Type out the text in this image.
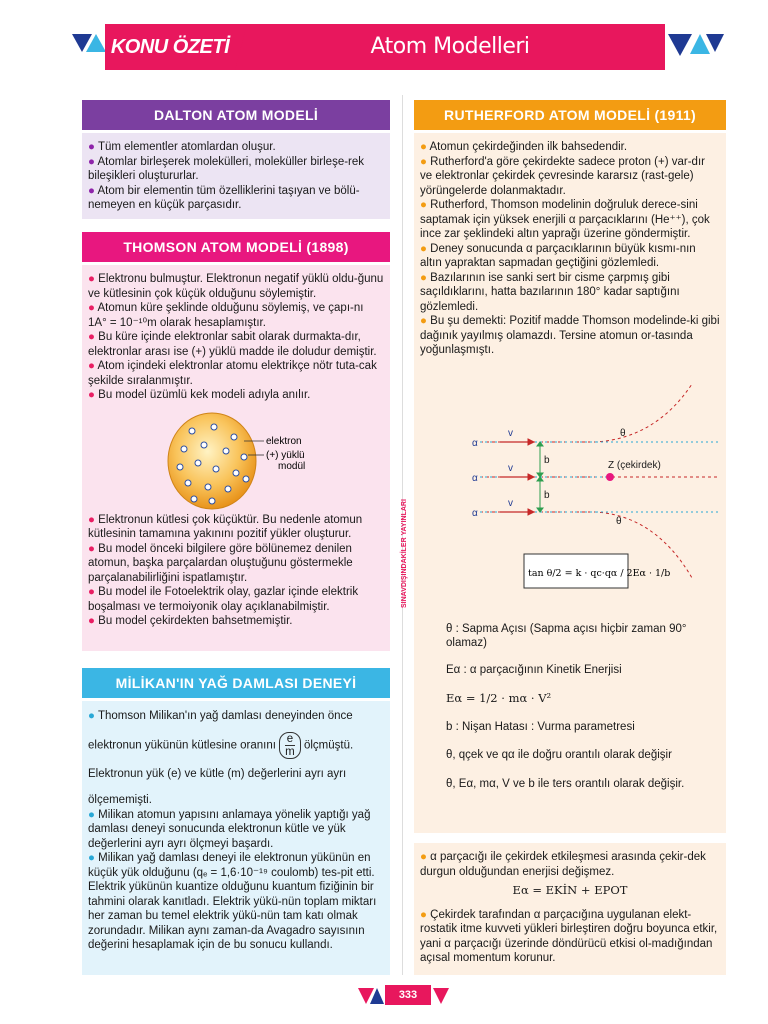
KONU ÖZETİ	Atom Modelleri
DALTON ATOM MODELİ

● Tüm elementler atomlardan oluşur.

● Atomlar birleşerek molekülleri, moleküller birleşe-rek bileşikleri oluştururlar.

● Atom bir elementin tüm özelliklerini taşıyan ve bölü-nemeyen en küçük parçasıdır.

THOMSON ATOM MODELİ (1898)

● Elektronu bulmuştur. Elektronun negatif yüklü oldu-ğunu ve kütlesinin çok küçük olduğunu söylemiştir.

● Atomun küre şeklinde olduğunu söylemiş, ve çapı-nı 1A° = 10⁻¹⁰m olarak hesaplamıştır.

● Bu küre içinde elektronlar sabit olarak durmakta-dır, elektronlar arası ise (+) yüklü madde ile doludur demiştir.

● Atom içindeki elektronlar atomu elektrikçe nötr tuta-cak şekilde sıralanmıştır.

● Bu model üzümlü kek modeli adıyla anılır.

elektron
(+) yüklü
modül

● Elektronun kütlesi çok küçüktür. Bu nedenle atomun kütlesinin tamamına yakınını pozitif yükler oluşturur.

● Bu model önceki bilgilere göre bölünemez denilen atomun, başka parçalardan oluştuğunu göstermekle parçalanabilirliğini ispatlamıştır.

● Bu model ile Fotoelektrik olay, gazlar içinde elektrik boşalması ve termoiyonik olay açıklanabilmiştir.

● Bu model çekirdekten bahsetmemiştir.

MİLİKAN'IN YAĞ DAMLASI DENEYİ

● Thomson Milikan'ın yağ damlası deneyinden önce

elektronun yükünün kütlesine oranını $\frac{e}{m}$ ölçmüştü.

Elektronun yük (e) ve kütle (m) değerlerini ayrı ayrı

ölçememişti.

● Milikan atomun yapısını anlamaya yönelik yaptığı yağ damlası deneyi sonucunda elektronun kütle ve yük değerlerini ayrı ayrı ölçmeyi başardı.

● Milikan yağ damlası deneyi ile elektronun yükünün en küçük yük olduğunu (qₑ = 1,6·10⁻¹⁹ coulomb) tes-pit etti. Elektrik yükünün kuantize olduğunu kuantum fiziğinin bir tahmini olarak kanıtladı. Elektrik yükü-nün toplam miktarı her zaman bu temel elektrik yükü-nün tam katı olmak zorundadır. Milikan aynı zaman-da Avagadro sayısının değerini hesaplamak için de bu sonucu kullandı.

SINAVDIŞINDAKİLER YAYINLARI
RUTHERFORD ATOM MODELİ (1911)

● Atomun çekirdeğinden ilk bahsedendir.

● Rutherford'a göre çekirdekte sadece proton (+) var-dır ve elektronlar çekirdek çevresinde kararsız (rast-gele) yörüngelerde dolanmaktadır.

● Rutherford, Thomson modelinin doğruluk derece-sini saptamak için yüksek enerjili α parçacıklarını (He⁺⁺), çok ince zar şeklindeki altın yaprağı üzerine göndermiştir.

● Deney sonucunda α parçacıklarının büyük kısmı-nın altın yapraktan sapmadan geçtiğini gözlemledi.

● Bazılarının ise sanki sert bir cisme çarpmış gibi saçıldıklarını, hatta bazılarının 180° kadar saptığını gözlemledi.

● Bu şu demekti: Pozitif madde Thomson modelinde-ki gibi dağınık yayılmış olamazdı. Tersine atomun or-tasında yoğunlaşmıştı.

α
α
α
v
v
v
b
b
θ
θ
Z (çekirdek)
tan θ/2 = k · qc·qα / 2Eα · 1/b

θ : Sapma Açısı (Sapma açısı hiçbir zaman 90° olamaz)

Eα : α parçacığının Kinetik Enerjisi

Eα = 1/2 · mα · V²

b : Nişan Hatası : Vurma parametresi

θ, qçek ve qα ile doğru orantılı olarak değişir

θ, Eα, mα, V ve b ile ters orantılı olarak değişir.

● α parçacığı ile çekirdek etkileşmesi arasında çekir-dek durgun olduğundan enerjisi değişmez.

Eα = EKİN + EPOT

● Çekirdek tarafından α parçacığına uygulanan elekt-rostatik itme kuvveti yükleri birleştiren doğru boyunca etkir, yani α parçacığı üzerinde döndürücü etkisi ol-madığından açısal momentum korunur.

333
